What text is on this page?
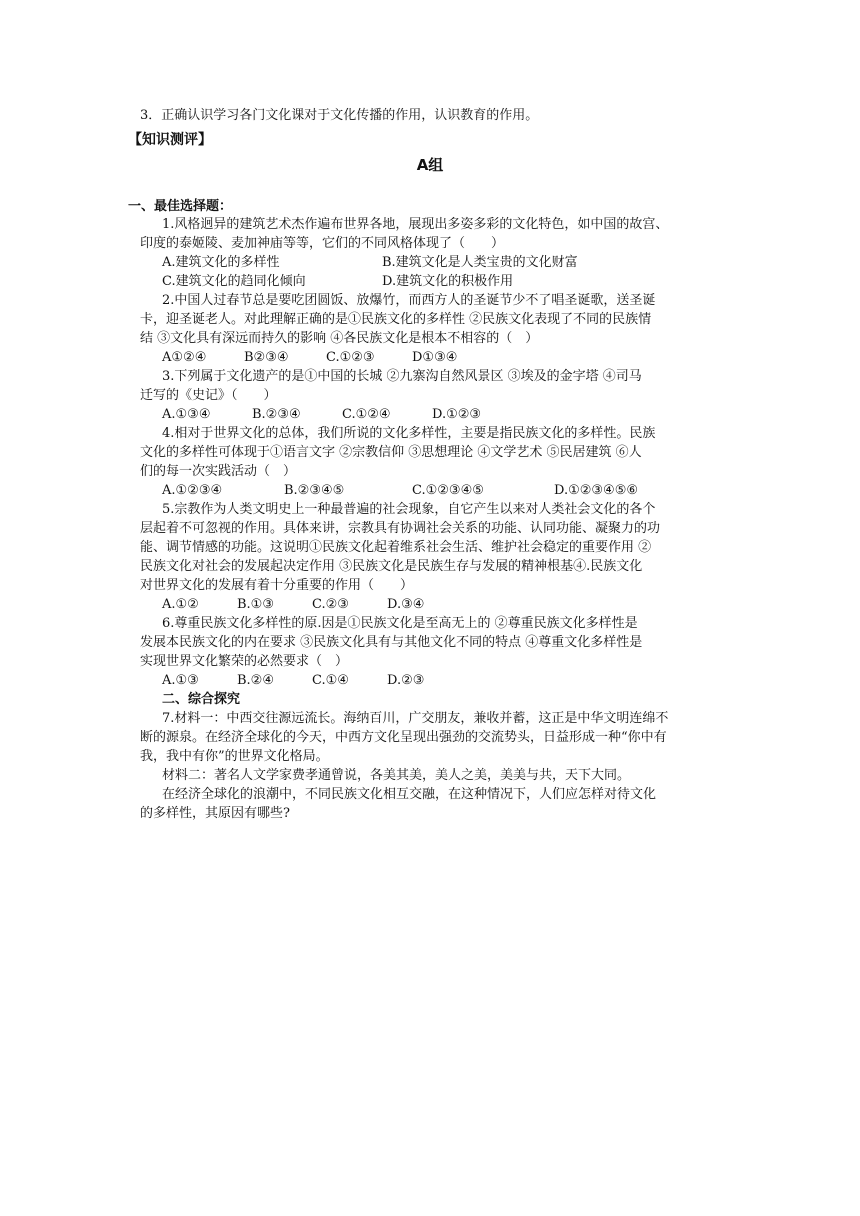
3．正确认识学习各门文化课对于文化传播的作用，认识教育的作用。
【知识测评】
A组
一、最佳选择题：
1.风格迥异的建筑艺术杰作遍布世界各地，展现出多姿多彩的文化特色，如中国的故宫、
印度的泰姬陵、麦加神庙等等，它们的不同风格体现了（　　）
A.建筑文化的多样性	B.建筑文化是人类宝贵的文化财富
C.建筑文化的趋同化倾向	D.建筑文化的积极作用
2.中国人过春节总是要吃团圆饭、放爆竹，而西方人的圣诞节少不了唱圣诞歌，送圣诞
卡，迎圣诞老人。对此理解正确的是①民族文化的多样性 ②民族文化表现了不同的民族情
结 ③文化具有深远而持久的影响 ④各民族文化是根本不相容的（　）
A①②④	B②③④	C.①②③	D①③④
3.下列属于文化遗产的是①中国的长城 ②九寨沟自然风景区 ③埃及的金字塔 ④司马
迁写的《史记》（　　）
A.①③④	B.②③④	C.①②④	D.①②③
4.相对于世界文化的总体，我们所说的文化多样性，主要是指民族文化的多样性。民族
文化的多样性可体现于①语言文字 ②宗教信仰 ③思想理论 ④文学艺术 ⑤民居建筑 ⑥人
们的每一次实践活动（　）
A.①②③④	B.②③④⑤	C.①②③④⑤	D.①②③④⑤⑥
5.宗教作为人类文明史上一种最普遍的社会现象，自它产生以来对人类社会文化的各个
层起着不可忽视的作用。具体来讲，宗教具有协调社会关系的功能、认同功能、凝聚力的功
能、调节情感的功能。这说明①民族文化起着维系社会生活、维护社会稳定的重要作用 ②
民族文化对社会的发展起决定作用 ③民族文化是民族生存与发展的精神根基④.民族文化
对世界文化的发展有着十分重要的作用（　　）
A.①②	B.①③	C.②③	D.③④
6.尊重民族文化多样性的原.因是①民族文化是至高无上的 ②尊重民族文化多样性是
发展本民族文化的内在要求 ③民族文化具有与其他文化不同的特点 ④尊重文化多样性是
实现世界文化繁荣的必然要求（　）
A.①③	B.②④	C.①④	D.②③
二、综合探究
7.材料一：中西交往源远流长。海纳百川，广交朋友，兼收并蓄，这正是中华文明连绵不
断的源泉。在经济全球化的今天，中西方文化呈现出强劲的交流势头，日益形成一种“你中有
我，我中有你”的世界文化格局。
材料二：著名人文学家费孝通曾说，各美其美，美人之美，美美与共，天下大同。
在经济全球化的浪潮中，不同民族文化相互交融，在这种情况下，人们应怎样对待文化
的多样性，其原因有哪些?
